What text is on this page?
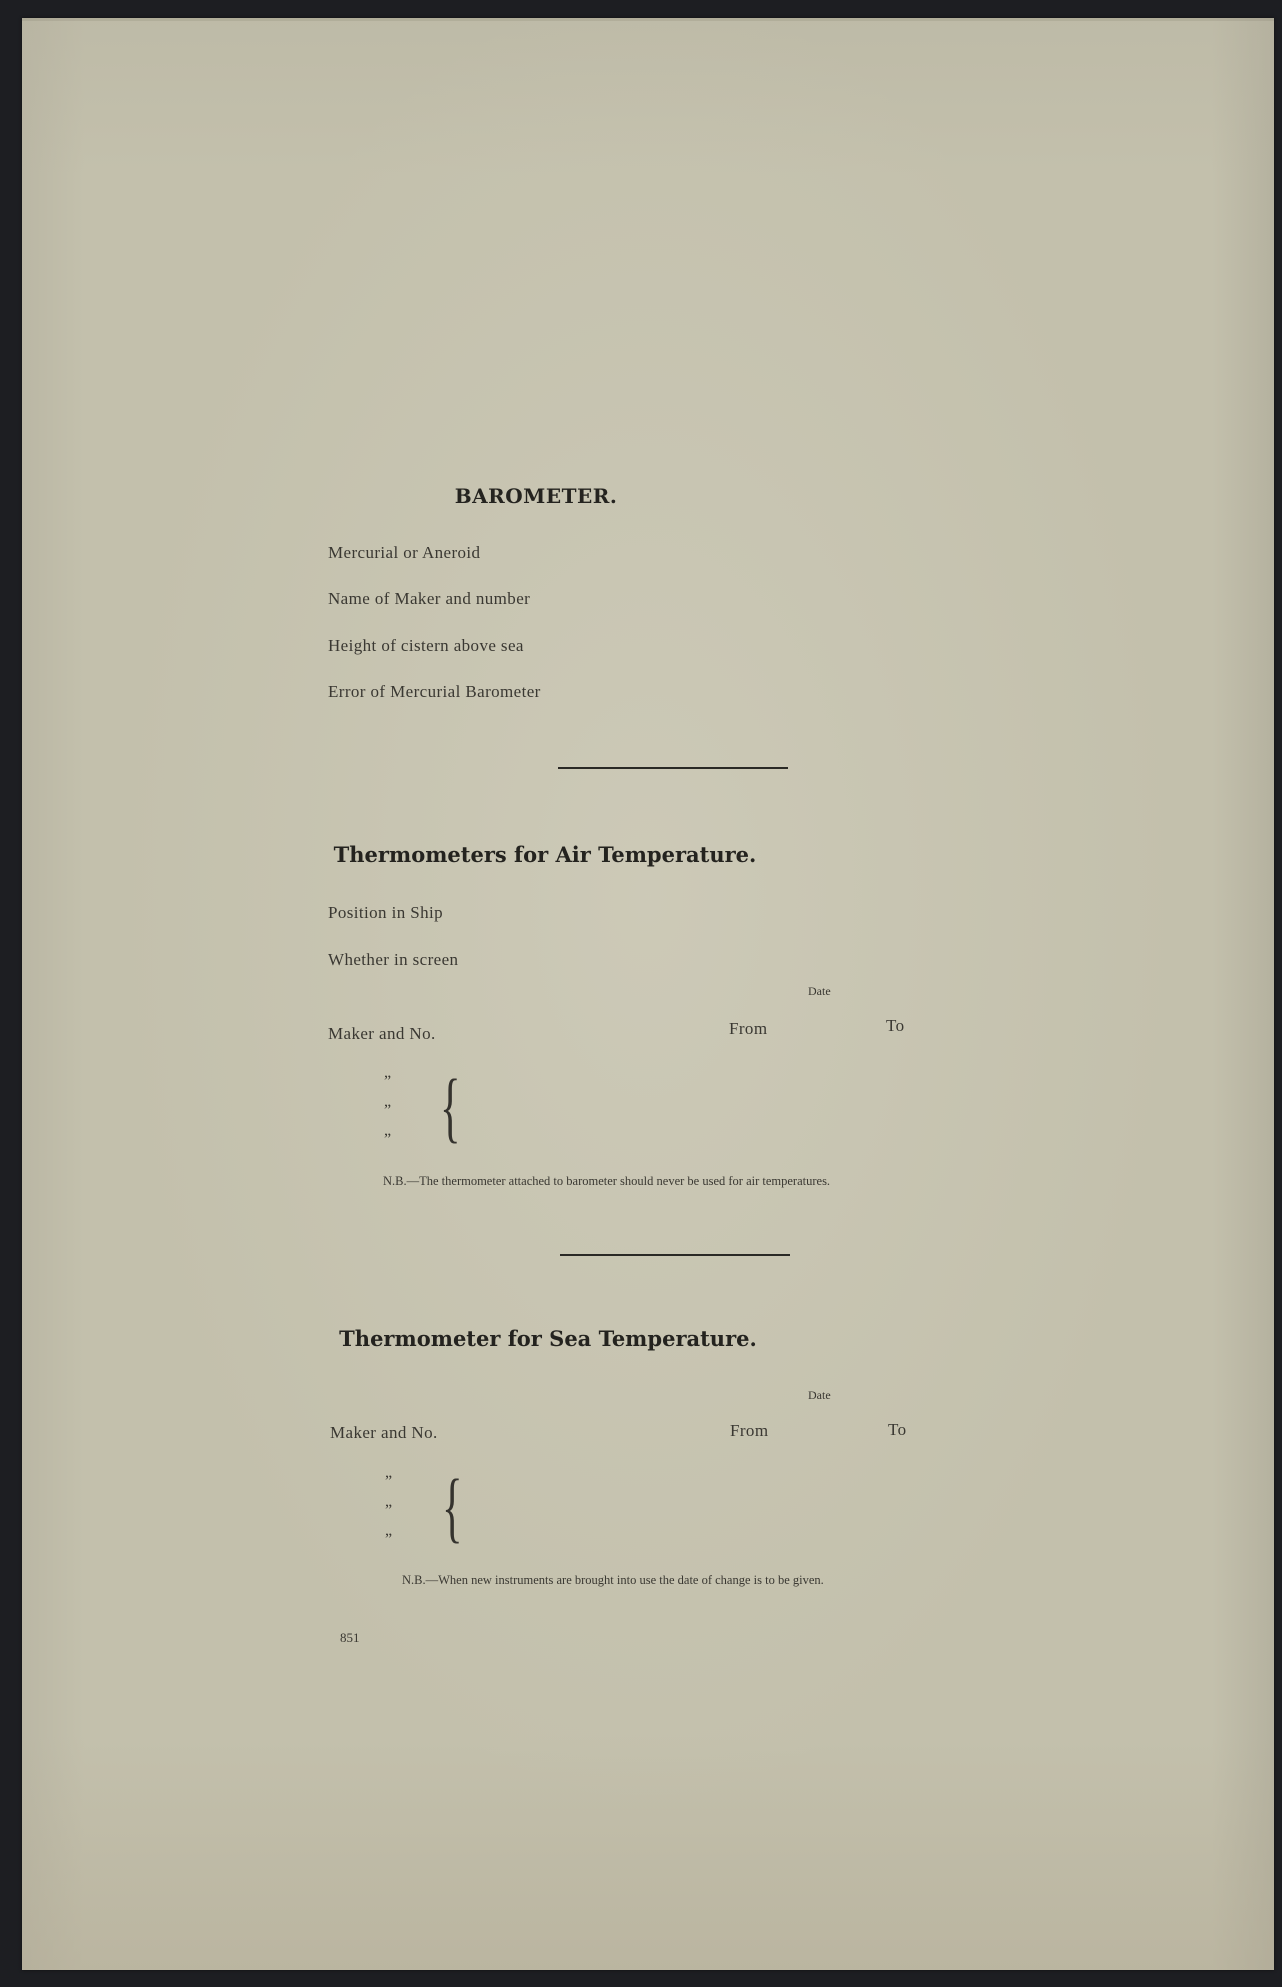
BAROMETER.
Mercurial or Aneroid
Name of Maker and number
Height of cistern above sea
Error of Mercurial Barometer
Thermometers for Air Temperature.
Position in Ship
Whether in screen
Date
Maker and No.	From	To
”
”
” {
N.B.—The thermometer attached to barometer should never be used for air temperatures.
Thermometer for Sea Temperature.
Date
Maker and No.	From	To
”
”
” {
N.B.—When new instruments are brought into use the date of change is to be given.
851
